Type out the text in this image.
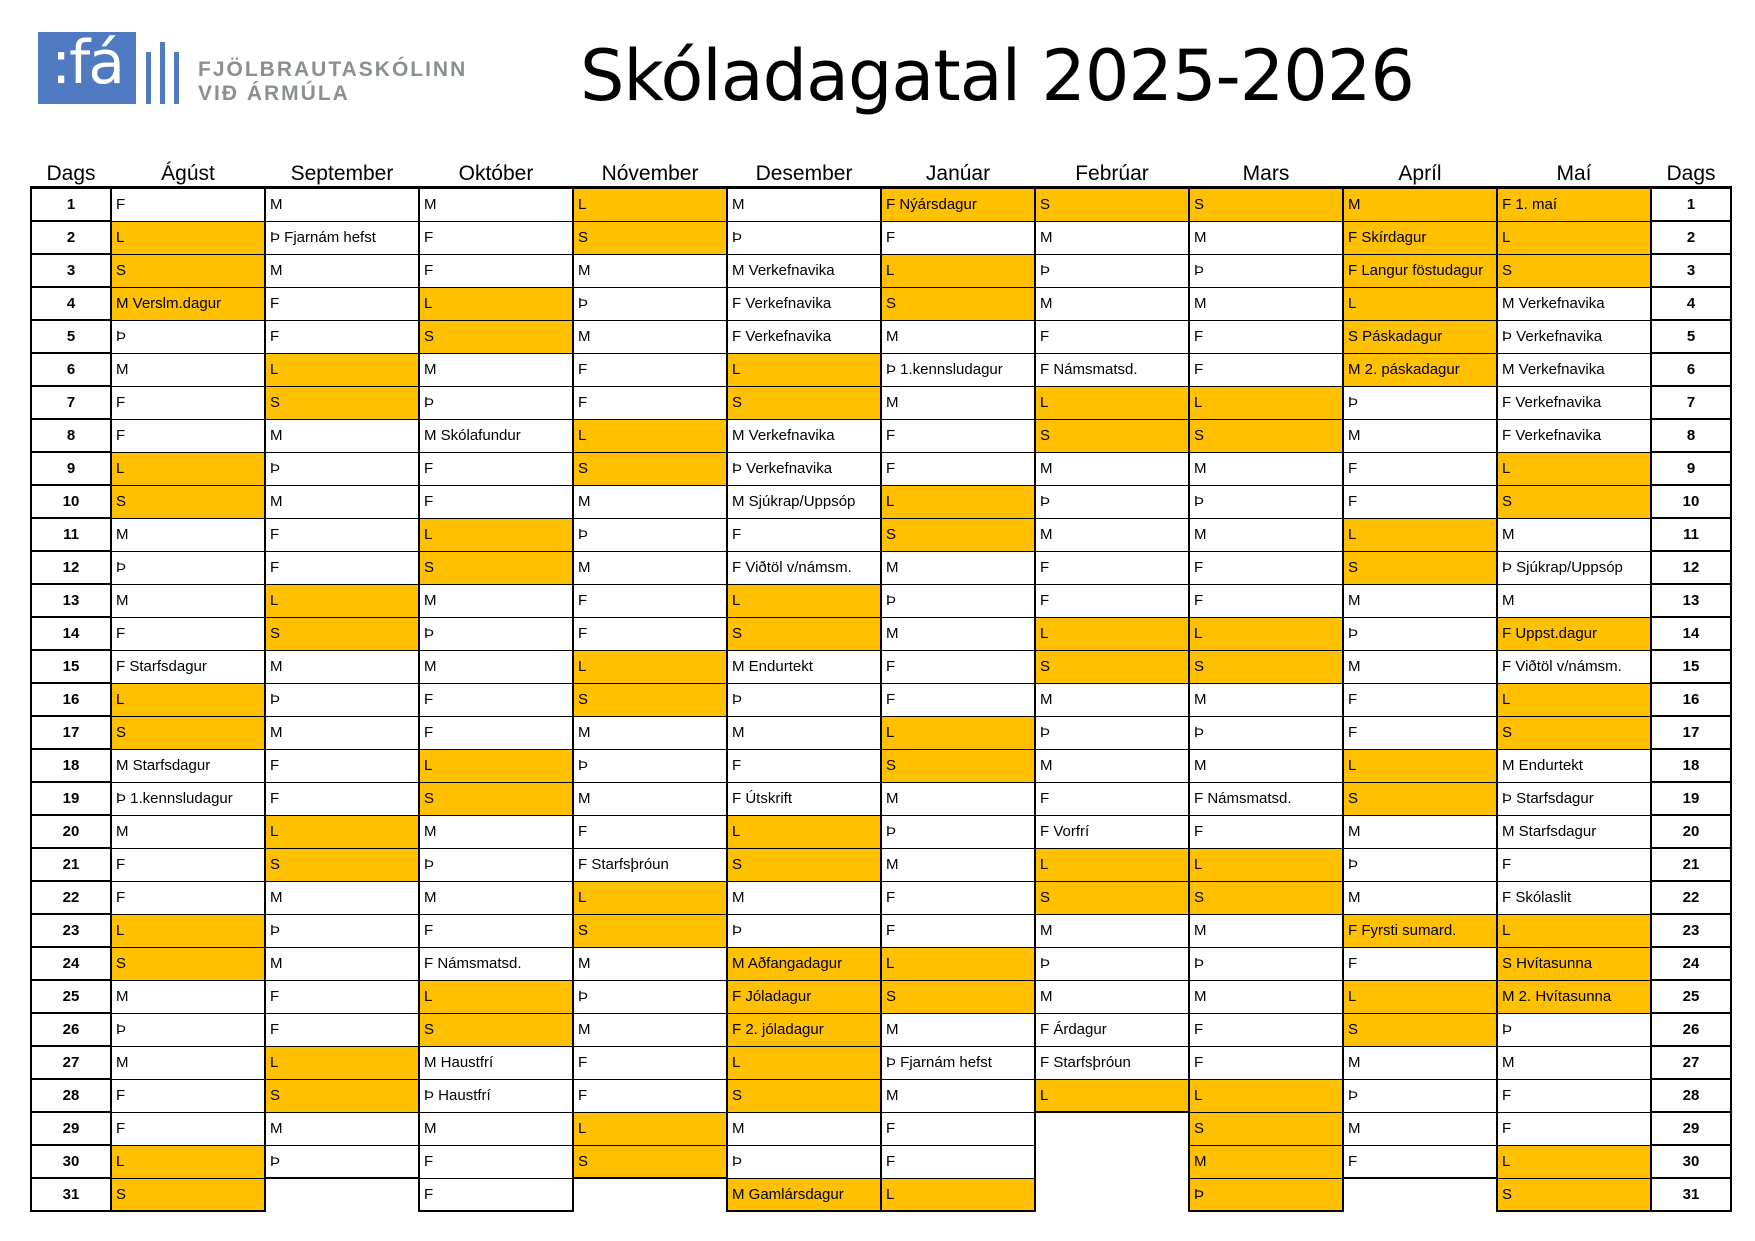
:fá	FJÖLBRAUTASKÓLINN
VIÐ ÁRMÚLA	Skóladagatal 2025-2026
Dags	Ágúst	September	Október	Nóvember	Desember	Janúar	Febrúar	Mars	Apríl	Maí	Dags
1	F	M	M	L	M	F Nýársdagur	S	S	M	F 1. maí	1
2	L	Þ Fjarnám hefst	F	S	Þ	F	M	M	F Skírdagur	L	2
3	S	M	F	M	M Verkefnavika	L	Þ	Þ	F Langur föstudagur	S	3
4	M Verslm.dagur	F	L	Þ	F Verkefnavika	S	M	M	L	M Verkefnavika	4
5	Þ	F	S	M	F Verkefnavika	M	F	F	S Páskadagur	Þ Verkefnavika	5
6	M	L	M	F	L	Þ 1.kennsludagur	F Námsmatsd.	F	M 2. páskadagur	M Verkefnavika	6
7	F	S	Þ	F	S	M	L	L	Þ	F Verkefnavika	7
8	F	M	M Skólafundur	L	M Verkefnavika	F	S	S	M	F Verkefnavika	8
9	L	Þ	F	S	Þ Verkefnavika	F	M	M	F	L	9
10	S	M	F	M	M Sjúkrap/Uppsóp	L	Þ	Þ	F	S	10
11	M	F	L	Þ	F	S	M	M	L	M	11
12	Þ	F	S	M	F Viðtöl v/námsm.	M	F	F	S	Þ Sjúkrap/Uppsóp	12
13	M	L	M	F	L	Þ	F	F	M	M	13
14	F	S	Þ	F	S	M	L	L	Þ	F Uppst.dagur	14
15	F Starfsdagur	M	M	L	M Endurtekt	F	S	S	M	F Viðtöl v/námsm.	15
16	L	Þ	F	S	Þ	F	M	M	F	L	16
17	S	M	F	M	M	L	Þ	Þ	F	S	17
18	M Starfsdagur	F	L	Þ	F	S	M	M	L	M Endurtekt	18
19	Þ 1.kennsludagur	F	S	M	F Útskrift	M	F	F Námsmatsd.	S	Þ Starfsdagur	19
20	M	L	M	F	L	Þ	F Vorfrí	F	M	M Starfsdagur	20
21	F	S	Þ	F Starfsþróun	S	M	L	L	Þ	F	21
22	F	M	M	L	M	F	S	S	M	F Skólaslit	22
23	L	Þ	F	S	Þ	F	M	M	F Fyrsti sumard.	L	23
24	S	M	F Námsmatsd.	M	M Aðfangadagur	L	Þ	Þ	F	S Hvítasunna	24
25	M	F	L	Þ	F Jóladagur	S	M	M	L	M 2. Hvítasunna	25
26	Þ	F	S	M	F 2. jóladagur	M	F Árdagur	F	S	Þ	26
27	M	L	M Haustfrí	F	L	Þ Fjarnám hefst	F Starfsþróun	F	M	M	27
28	F	S	Þ Haustfrí	F	S	M	L	L	Þ	F	28
29	F	M	M	L	M	F		S	M	F	29
30	L	Þ	F	S	Þ	F		M	F	L	30
31	S		F		M Gamlársdagur	L		Þ		S	31
